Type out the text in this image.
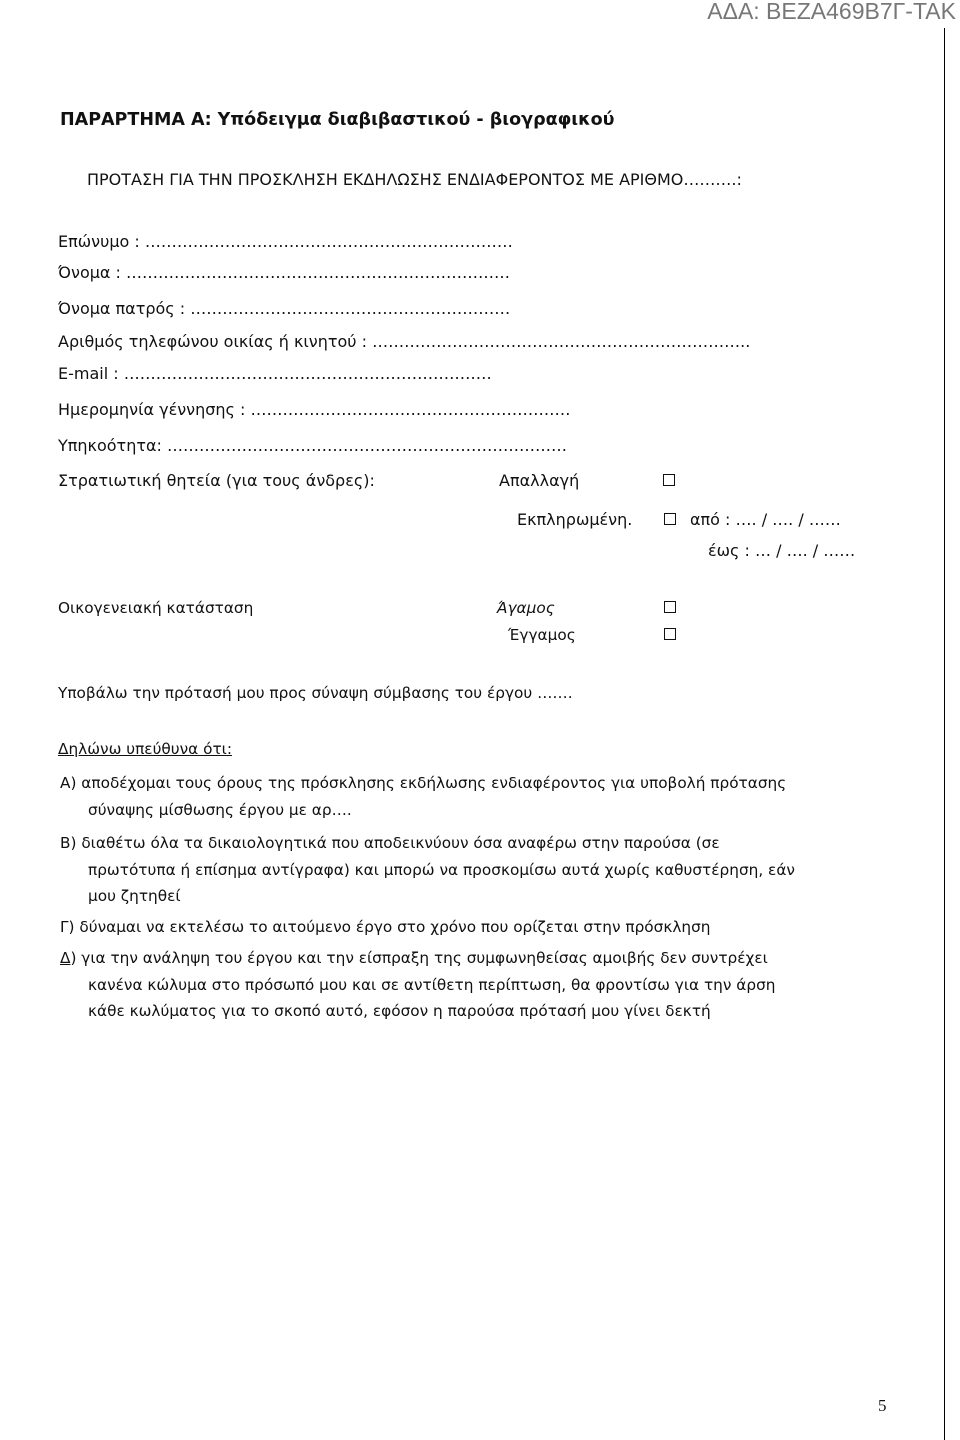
ΑΔΑ: ΒΕΖΑ469Β7Γ-ΤΑΚ
ΠΑΡΑΡΤΗΜΑ Α: Υπόδειγμα διαβιβαστικού - βιογραφικού
ΠΡΟΤΑΣΗ ΓΙΑ ΤΗΝ ΠΡΟΣΚΛΗΣΗ ΕΚΔΗΛΩΣΗΣ ΕΝΔΙΑΦΕΡΟΝΤΟΣ ΜΕ ΑΡΙΘΜΟ……….:
Επώνυμο : ……………………………………………………………
Όνομα : ………………………………………………………………
Όνομα πατρός : ……………………………………………………
Αριθμός τηλεφώνου οικίας ή κινητού : ……………………………………………………………..
E-mail : ……………………………………………………………
Ημερομηνία γέννησης : ……………………………………………………
Υπηκοότητα: …………………………………………………………………
Στρατιωτική θητεία (για τους άνδρες):	Απαλλαγή
Εκπληρωμένη.	από : …. / …. / ……
έως : … / …. / ……
Οικογενειακή κατάσταση	Άγαμος
Έγγαμος
Υποβάλω την πρότασή μου προς σύναψη σύμβασης του έργου …….
Δηλώνω υπεύθυνα ότι:
Α) αποδέχομαι τους όρους της πρόσκλησης εκδήλωσης ενδιαφέροντος για υποβολή πρότασης
σύναψης μίσθωσης έργου με αρ….
Β) διαθέτω όλα τα δικαιολογητικά που αποδεικνύουν όσα αναφέρω στην παρούσα (σε
πρωτότυπα ή επίσημα αντίγραφα) και μπορώ να προσκομίσω αυτά χωρίς καθυστέρηση, εάν
μου ζητηθεί
Γ) δύναμαι να εκτελέσω το αιτούμενο έργο στο χρόνο που ορίζεται στην πρόσκληση
Δ) για την ανάληψη του έργου και την είσπραξη της συμφωνηθείσας αμοιβής δεν συντρέχει
κανένα κώλυμα στο πρόσωπό μου και σε αντίθετη περίπτωση, θα φροντίσω για την άρση
κάθε κωλύματος για το σκοπό αυτό, εφόσον η παρούσα πρότασή μου γίνει δεκτή
5
